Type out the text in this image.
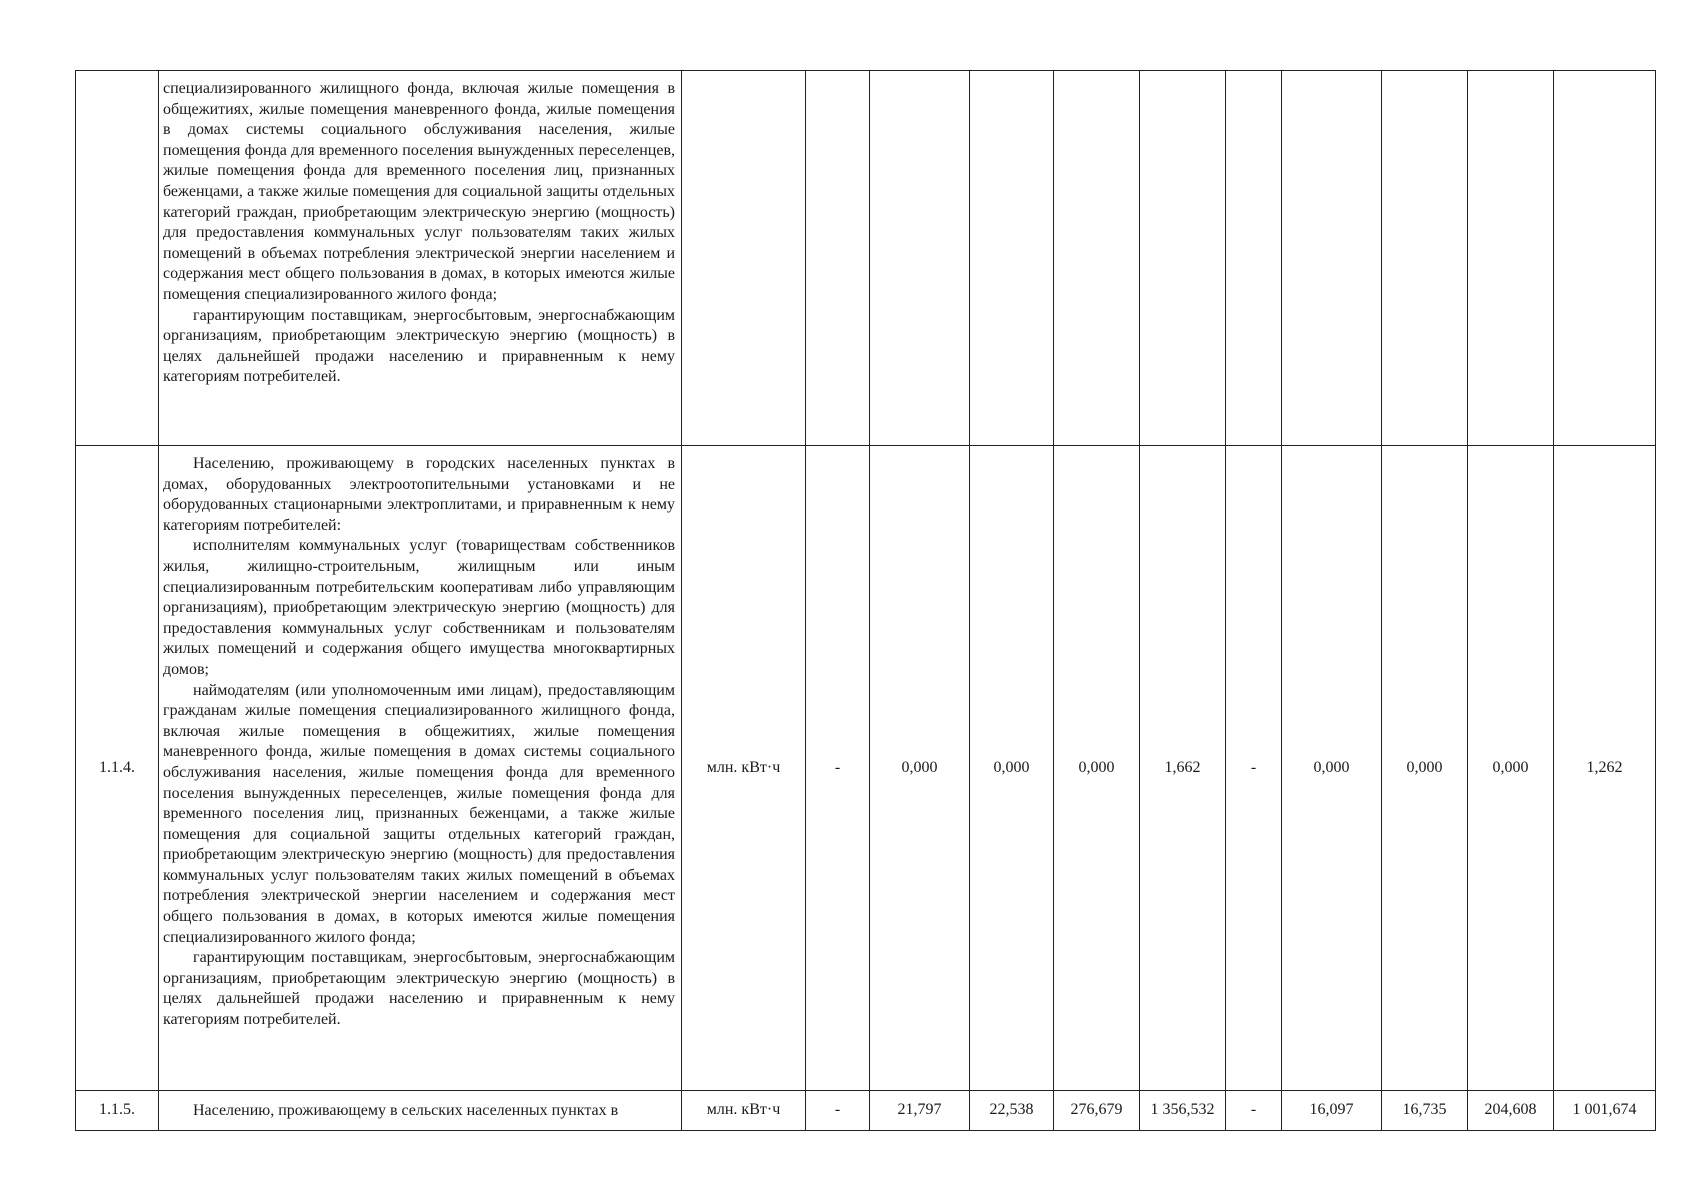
	специализированного жилищного фонда, включая жилые помещения в общежитиях, жилые помещения маневренного фонда, жилые помещения в домах системы социального обслуживания населения, жилые помещения фонда для временного поселения вынужденных переселенцев, жилые помещения фонда для временного поселения лиц, признанных беженцами, а также жилые помещения для социальной защиты отдельных категорий граждан, приобретающим электрическую энергию (мощность) для предоставления коммунальных услуг пользователям таких жилых помещений в объемах потребления электрической энергии населением и содержания мест общего пользования в домах, в которых имеются жилые помещения специализированного жилого фонда;

гарантирующим поставщикам, энергосбытовым, энергоснабжающим организациям, приобретающим электрическую энергию (мощность) в целях дальнейшей продажи населению и приравненным к нему категориям потребителей.											

1.1.4.	Населению, проживающему в городских населенных пунктах в домах, оборудованных электроотопительными установками и не оборудованных стационарными электроплитами, и приравненным к нему категориям потребителей:

исполнителям коммунальных услуг (товариществам собственников жилья, жилищно-строительным, жилищным или иным специализированным потребительским кооперативам либо управляющим организациям), приобретающим электрическую энергию (мощность) для предоставления коммунальных услуг собственникам и пользователям жилых помещений и содержания общего имущества многоквартирных домов;

наймодателям (или уполномоченным ими лицам), предоставляющим гражданам жилые помещения специализированного жилищного фонда, включая жилые помещения в общежитиях, жилые помещения маневренного фонда, жилые помещения в домах системы социального обслуживания населения, жилые помещения фонда для временного поселения вынужденных переселенцев, жилые помещения фонда для временного поселения лиц, признанных беженцами, а также жилые помещения для социальной защиты отдельных категорий граждан, приобретающим электрическую энергию (мощность) для предоставления коммунальных услуг пользователям таких жилых помещений в объемах потребления электрической энергии населением и содержания мест общего пользования в домах, в которых имеются жилые помещения специализированного жилого фонда;

гарантирующим поставщикам, энергосбытовым, энергоснабжающим организациям, приобретающим электрическую энергию (мощность) в целях дальнейшей продажи населению и приравненным к нему категориям потребителей.	млн. кВт·ч	-	0,000	0,000	0,000	1,662	-	0,000	0,000	0,000	1,262
1.1.5.	Населению, проживающему в сельских населенных пунктах в	млн. кВт·ч	-	21,797	22,538	276,679	1 356,532	-	16,097	16,735	204,608	1 001,674
